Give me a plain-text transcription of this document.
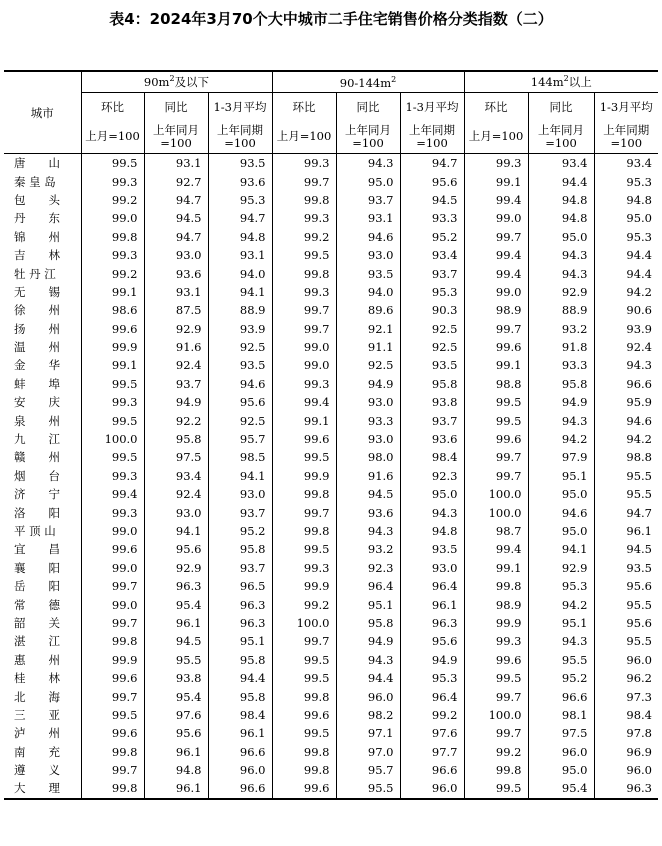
表4：2024年3月70个大中城市二手住宅销售价格分类指数（二）
城市	$90m^2$及以下			$90-144m^2$			$144m^2$以上		
	环比	同比	1-3月平均	环比	同比	1-3月平均	环比	同比	1-3月平均
	上月=100	上年同月=100	上年同期=100	上月=100	上年同月=100	上年同期=100	上月=100	上年同月=100	上年同期=100
唐　　山	99.5	93.1	93.5	99.3	94.3	94.7	99.3	93.4	93.4
秦 皇 岛	99.3	92.7	93.6	99.7	95.0	95.6	99.1	94.4	95.3
包　　头	99.2	94.7	95.3	99.8	93.7	94.5	99.4	94.8	94.8
丹　　东	99.0	94.5	94.7	99.3	93.1	93.3	99.0	94.8	95.0
锦　　州	99.8	94.7	94.8	99.2	94.6	95.2	99.7	95.0	95.3
吉　　林	99.3	93.0	93.1	99.5	93.0	93.4	99.4	94.3	94.4
牡 丹 江	99.2	93.6	94.0	99.8	93.5	93.7	99.4	94.3	94.4
无　　锡	99.1	93.1	94.1	99.3	94.0	95.3	99.0	92.9	94.2
徐　　州	98.6	87.5	88.9	99.7	89.6	90.3	98.9	88.9	90.6
扬　　州	99.6	92.9	93.9	99.7	92.1	92.5	99.7	93.2	93.9
温　　州	99.9	91.6	92.5	99.0	91.1	92.5	99.6	91.8	92.4
金　　华	99.1	92.4	93.5	99.0	92.5	93.5	99.1	93.3	94.3
蚌　　埠	99.5	93.7	94.6	99.3	94.9	95.8	98.8	95.8	96.6
安　　庆	99.3	94.9	95.6	99.4	93.0	93.8	99.5	94.9	95.9
泉　　州	99.5	92.2	92.5	99.1	93.3	93.7	99.5	94.3	94.6
九　　江	100.0	95.8	95.7	99.6	93.0	93.6	99.6	94.2	94.2
赣　　州	99.5	97.5	98.5	99.5	98.0	98.4	99.7	97.9	98.8
烟　　台	99.3	93.4	94.1	99.9	91.6	92.3	99.7	95.1	95.5
济　　宁	99.4	92.4	93.0	99.8	94.5	95.0	100.0	95.0	95.5
洛　　阳	99.3	93.0	93.7	99.7	93.6	94.3	100.0	94.6	94.7
平 顶 山	99.0	94.1	95.2	99.8	94.3	94.8	98.7	95.0	96.1
宜　　昌	99.6	95.6	95.8	99.5	93.2	93.5	99.4	94.1	94.5
襄　　阳	99.0	92.9	93.7	99.3	92.3	93.0	99.1	92.9	93.5
岳　　阳	99.7	96.3	96.5	99.9	96.4	96.4	99.8	95.3	95.6
常　　德	99.0	95.4	96.3	99.2	95.1	96.1	98.9	94.2	95.5
韶　　关	99.7	96.1	96.3	100.0	95.8	96.3	99.9	95.1	95.6
湛　　江	99.8	94.5	95.1	99.7	94.9	95.6	99.3	94.3	95.5
惠　　州	99.9	95.5	95.8	99.5	94.3	94.9	99.6	95.5	96.0
桂　　林	99.6	93.8	94.4	99.5	94.4	95.3	99.5	95.2	96.2
北　　海	99.7	95.4	95.8	99.8	96.0	96.4	99.7	96.6	97.3
三　　亚	99.5	97.6	98.4	99.6	98.2	99.2	100.0	98.1	98.4
泸　　州	99.6	95.6	96.1	99.5	97.1	97.6	99.7	97.5	97.8
南　　充	99.8	96.1	96.6	99.8	97.0	97.7	99.2	96.0	96.9
遵　　义	99.7	94.8	96.0	99.8	95.7	96.6	99.8	95.0	96.0
大　　理	99.8	96.1	96.6	99.6	95.5	96.0	99.5	95.4	96.3
